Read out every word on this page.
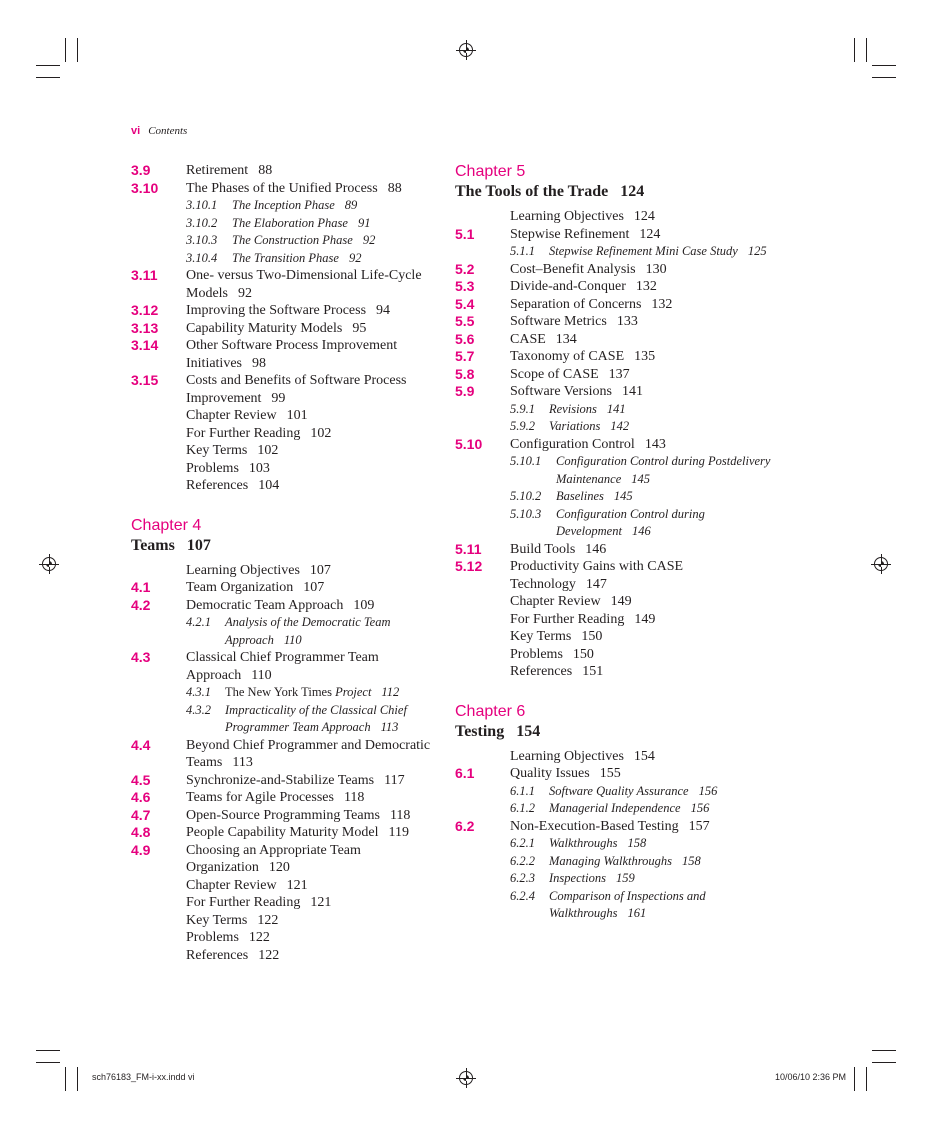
vi Contents
3.9	Retirement 88
3.10 The Phases of the Unified Process 88
3.10.1 The Inception Phase 89
3.10.2 The Elaboration Phase 91
3.10.3 The Construction Phase 92
3.10.4 The Transition Phase 92
3.11 One- versus Two-Dimensional Life-Cycle Models 92
3.12 Improving the Software Process 94
3.13 Capability Maturity Models 95
3.14 Other Software Process Improvement Initiatives 98
3.15 Costs and Benefits of Software Process Improvement 99
Chapter Review 101
For Further Reading 102
Key Terms 102
Problems 103
References 104
Chapter 4
Teams 107
Learning Objectives 107
4.1	Team Organization 107
4.2	Democratic Team Approach 109
4.2.1 Analysis of the Democratic Team Approach 110
4.3	Classical Chief Programmer Team Approach 110
4.3.1 The New York Times Project 112
4.3.2 Impracticality of the Classical Chief Programmer Team Approach 113
4.4	Beyond Chief Programmer and Democratic Teams 113
4.5	Synchronize-and-Stabilize Teams 117
4.6	Teams for Agile Processes 118
4.7	Open-Source Programming Teams 118
4.8	People Capability Maturity Model 119
4.9	Choosing an Appropriate Team Organization 120
Chapter Review 121
For Further Reading 121
Key Terms 122
Problems 122
References 122
Chapter 5
The Tools of the Trade 124
Learning Objectives 124
5.1	Stepwise Refinement 124
5.1.1 Stepwise Refinement Mini Case Study 125
5.2	Cost–Benefit Analysis 130
5.3	Divide-and-Conquer 132
5.4	Separation of Concerns 132
5.5	Software Metrics 133
5.6	CASE 134
5.7	Taxonomy of CASE 135
5.8	Scope of CASE 137
5.9	Software Versions 141
5.9.1 Revisions 141
5.9.2 Variations 142
5.10 Configuration Control 143
5.10.1 Configuration Control during Postdelivery Maintenance 145
5.10.2 Baselines 145
5.10.3 Configuration Control during Development 146
5.11 Build Tools 146
5.12 Productivity Gains with CASE Technology 147
Chapter Review 149
For Further Reading 149
Key Terms 150
Problems 150
References 151
Chapter 6
Testing 154
Learning Objectives 154
6.1	Quality Issues 155
6.1.1 Software Quality Assurance 156
6.1.2 Managerial Independence 156
6.2	Non-Execution-Based Testing 157
6.2.1 Walkthroughs 158
6.2.2 Managing Walkthroughs 158
6.2.3 Inspections 159
6.2.4 Comparison of Inspections and Walkthroughs 161
sch76183_FM-i-xx.indd vi	10/06/10 2:36 PM
